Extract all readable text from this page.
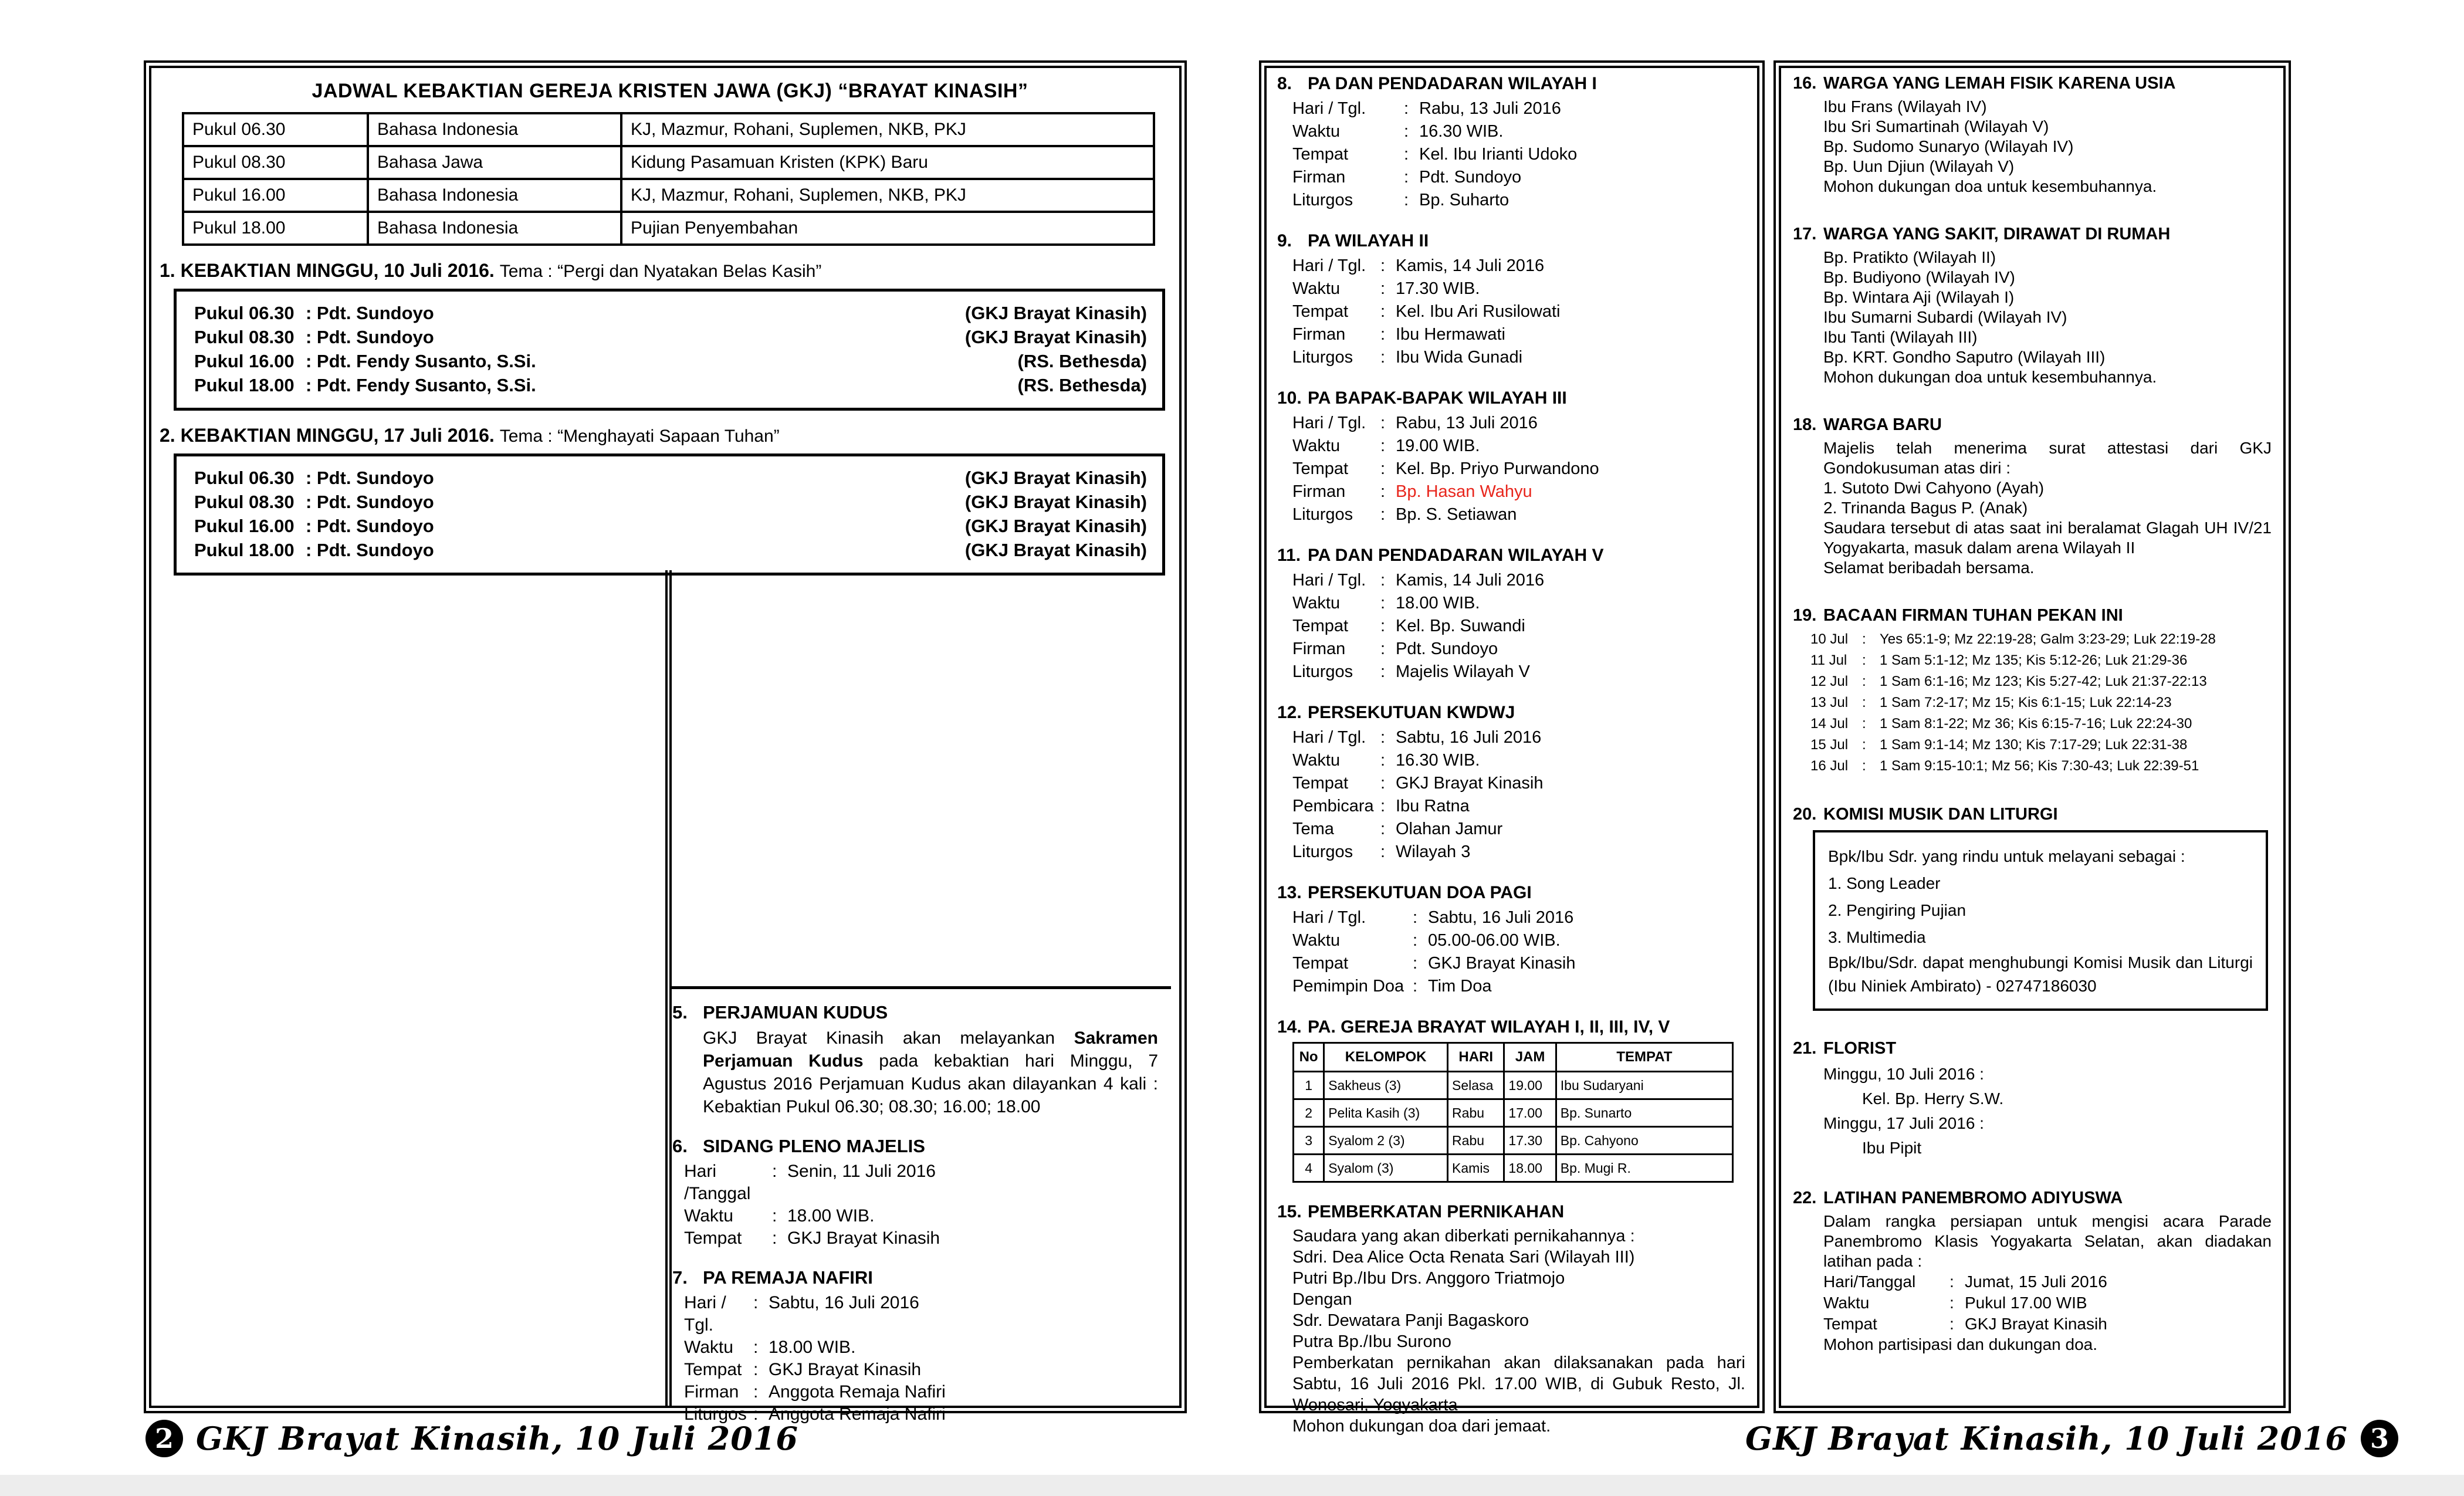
JADWAL KEBAKTIAN GEREJA KRISTEN JAWA (GKJ) “BRAYAT KINASIH”
Pukul 06.30	Bahasa Indonesia	KJ, Mazmur, Rohani, Suplemen, NKB, PKJ
Pukul 08.30	Bahasa Jawa	Kidung Pasamuan Kristen (KPK) Baru
Pukul 16.00	Bahasa Indonesia	KJ, Mazmur, Rohani, Suplemen, NKB, PKJ
Pukul 18.00	Bahasa Indonesia	Pujian Penyembahan
1. KEBAKTIAN MINGGU, 10 Juli 2016. Tema : “Pergi dan Nyatakan Belas Kasih”
Pukul 06.30 : Pdt. Sundoyo	(GKJ Brayat Kinasih)
Pukul 08.30 : Pdt. Sundoyo	(GKJ Brayat Kinasih)
Pukul 16.00 : Pdt. Fendy Susanto, S.Si.	(RS. Bethesda)
Pukul 18.00 : Pdt. Fendy Susanto, S.Si.	(RS. Bethesda)
2. KEBAKTIAN MINGGU, 17 Juli 2016. Tema : “Menghayati Sapaan Tuhan”
Pukul 06.30 : Pdt. Sundoyo	(GKJ Brayat Kinasih)
Pukul 08.30 : Pdt. Sundoyo	(GKJ Brayat Kinasih)
Pukul 16.00 : Pdt. Sundoyo	(GKJ Brayat Kinasih)
Pukul 18.00 : Pdt. Sundoyo	(GKJ Brayat Kinasih)
5. PERJAMUAN KUDUS
GKJ Brayat Kinasih akan melayankan Sakramen Perjamuan Kudus pada kebaktian hari Minggu, 7 Agustus 2016 Perjamuan Kudus akan dilayankan 4 kali : Kebaktian Pukul 06.30; 08.30; 16.00; 18.00
6. SIDANG PLENO MAJELIS
Hari /Tanggal
: Senin, 11 Juli 2016
Waktu	: 18.00 WIB.
Tempat	: GKJ Brayat Kinasih
7. PA REMAJA NAFIRI
Hari / Tgl.
: Sabtu, 16 Juli 2016
Waktu	: 18.00 WIB.
Tempat : GKJ Brayat Kinasih
Firman : Anggota Remaja Nafiri
Liturgos : Anggota Remaja Nafiri
8. PA DAN PENDADARAN WILAYAH I
Hari / Tgl.	: Rabu, 13 Juli 2016
Waktu	: 16.30 WIB.
Tempat	: Kel. Ibu Irianti Udoko
Firman	: Pdt. Sundoyo
Liturgos	: Bp. Suharto
9. PA WILAYAH II
Hari / Tgl. : Kamis, 14 Juli 2016
Waktu	: 17.30 WIB.
Tempat	: Kel. Ibu Ari Rusilowati
Firman	: Ibu Hermawati
Liturgos	: Ibu Wida Gunadi
10. PA BAPAK-BAPAK WILAYAH III
Hari / Tgl. : Rabu, 13 Juli 2016
Waktu	: 19.00 WIB.
Tempat	: Kel. Bp. Priyo Purwandono
Firman	: Bp. Hasan Wahyu
Liturgos	: Bp. S. Setiawan
11. PA DAN PENDADARAN WILAYAH V
Hari / Tgl. : Kamis, 14 Juli 2016
Waktu	: 18.00 WIB.
Tempat	: Kel. Bp. Suwandi
Firman	: Pdt. Sundoyo
Liturgos	: Majelis Wilayah V
12. PERSEKUTUAN KWDWJ
Hari / Tgl. : Sabtu, 16 Juli 2016
Waktu	: 16.30 WIB.
Tempat	: GKJ Brayat Kinasih
Pembicara : Ibu Ratna
Tema	: Olahan Jamur
Liturgos	: Wilayah 3
13. PERSEKUTUAN DOA PAGI
Hari / Tgl.	: Sabtu, 16 Juli 2016
Waktu	: 05.00-06.00 WIB.
Tempat	: GKJ Brayat Kinasih
Pemimpin Doa : Tim Doa
14. PA. GEREJA BRAYAT WILAYAH I, II, III, IV, V
No	KELOMPOK	HARI	JAM	TEMPAT
1	Sakheus (3)	Selasa	19.00	Ibu Sudaryani
2	Pelita Kasih (3)	Rabu	17.00	Bp. Sunarto
3	Syalom 2 (3)	Rabu	17.30	Bp. Cahyono
4	Syalom (3)	Kamis	18.00	Bp. Mugi R.
15. PEMBERKATAN PERNIKAHAN
Saudara yang akan diberkati pernikahannya :
Sdri. Dea Alice Octa Renata Sari (Wilayah III)
Putri Bp./Ibu Drs. Anggoro Triatmojo
Dengan
Sdr. Dewatara Panji Bagaskoro
Putra Bp./Ibu Surono
Pemberkatan pernikahan akan dilaksanakan pada hari Sabtu, 16 Juli 2016 Pkl. 17.00 WIB, di Gubuk Resto, Jl. Wonosari, Yogyakarta
Mohon dukungan doa dari jemaat.
16. WARGA YANG LEMAH FISIK KARENA USIA
Ibu Frans (Wilayah IV)
Ibu Sri Sumartinah (Wilayah V)
Bp. Sudomo Sunaryo (Wilayah IV)
Bp. Uun Djiun (Wilayah V)
Mohon dukungan doa untuk kesembuhannya.
17. WARGA YANG SAKIT, DIRAWAT DI RUMAH
Bp. Pratikto (Wilayah II)
Bp. Budiyono (Wilayah IV)
Bp. Wintara Aji (Wilayah I)
Ibu Sumarni Subardi (Wilayah IV)
Ibu Tanti (Wilayah III)
Bp. KRT. Gondho Saputro (Wilayah III)
Mohon dukungan doa untuk kesembuhannya.
18. WARGA BARU
Majelis telah menerima surat attestasi dari GKJ Gondokusuman atas diri :
1. Sutoto Dwi Cahyono (Ayah)
2. Trinanda Bagus P. (Anak)
Saudara tersebut di atas saat ini beralamat Glagah UH IV/21 Yogyakarta, masuk dalam arena Wilayah II
Selamat beribadah bersama.
19. BACAAN FIRMAN TUHAN PEKAN INI
10 Jul : Yes 65:1-9; Mz 22:19-28; Galm 3:23-29; Luk 22:19-28
11 Jul	: 1 Sam 5:1-12; Mz 135; Kis 5:12-26; Luk 21:29-36
12 Jul : 1 Sam 6:1-16; Mz 123; Kis 5:27-42; Luk 21:37-22:13
13 Jul : 1 Sam 7:2-17; Mz 15; Kis 6:1-15; Luk 22:14-23
14 Jul : 1 Sam 8:1-22; Mz 36; Kis 6:15-7-16; Luk 22:24-30
15 Jul : 1 Sam 9:1-14; Mz 130; Kis 7:17-29; Luk 22:31-38
16 Jul : 1 Sam 9:15-10:1; Mz 56; Kis 7:30-43; Luk 22:39-51
20. KOMISI MUSIK DAN LITURGI
Bpk/Ibu Sdr. yang rindu untuk melayani sebagai :
1. Song Leader
2. Pengiring Pujian
3. Multimedia
Bpk/Ibu/Sdr. dapat menghubungi Komisi Musik dan Liturgi (Ibu Niniek Ambirato) - 02747186030
21. FLORIST
Minggu, 10 Juli 2016 :
Kel. Bp. Herry S.W.
Minggu, 17 Juli 2016 :
Ibu Pipit
22. LATIHAN PANEMBROMO ADIYUSWA
Dalam rangka persiapan untuk mengisi acara Parade Panembromo Klasis Yogyakarta Selatan, akan diadakan latihan pada :
Hari/Tanggal	: Jumat, 15 Juli 2016
Waktu	: Pukul 17.00 WIB
Tempat	: GKJ Brayat Kinasih
Mohon partisipasi dan dukungan doa.
2 GKJ Brayat Kinasih, 10 Juli 2016	GKJ Brayat Kinasih, 10 Juli 2016 3
